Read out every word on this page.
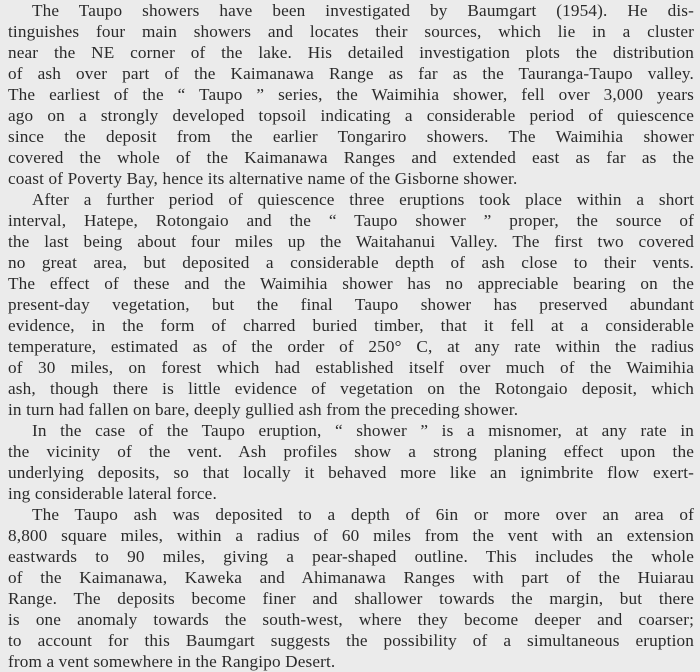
The Taupo showers have been investigated by Baumgart (1954). He dis-
tinguishes four main showers and locates their sources, which lie in a cluster
near the NE corner of the lake. His detailed investigation plots the distribution
of ash over part of the Kaimanawa Range as far as the Tauranga-Taupo valley.
The earliest of the “ Taupo ” series, the Waimihia shower, fell over 3,000 years
ago on a strongly developed topsoil indicating a considerable period of quiescence
since the deposit from the earlier Tongariro showers. The Waimihia shower
covered the whole of the Kaimanawa Ranges and extended east as far as the
coast of Poverty Bay, hence its alternative name of the Gisborne shower.
After a further period of quiescence three eruptions took place within a short
interval, Hatepe, Rotongaio and the “ Taupo shower ” proper, the source of
the last being about four miles up the Waitahanui Valley. The first two covered
no great area, but deposited a considerable depth of ash close to their vents.
The effect of these and the Waimihia shower has no appreciable bearing on the
present-day vegetation, but the final Taupo shower has preserved abundant
evidence, in the form of charred buried timber, that it fell at a considerable
temperature, estimated as of the order of 250° C, at any rate within the radius
of 30 miles, on forest which had established itself over much of the Waimihia
ash, though there is little evidence of vegetation on the Rotongaio deposit, which
in turn had fallen on bare, deeply gullied ash from the preceding shower.
In the case of the Taupo eruption, “ shower ” is a misnomer, at any rate in
the vicinity of the vent. Ash profiles show a strong planing effect upon the
underlying deposits, so that locally it behaved more like an ignimbrite flow exert-
ing considerable lateral force.
The Taupo ash was deposited to a depth of 6in or more over an area of
8,800 square miles, within a radius of 60 miles from the vent with an extension
eastwards to 90 miles, giving a pear-shaped outline. This includes the whole
of the Kaimanawa, Kaweka and Ahimanawa Ranges with part of the Huiarau
Range. The deposits become finer and shallower towards the margin, but there
is one anomaly towards the south-west, where they become deeper and coarser;
to account for this Baumgart suggests the possibility of a simultaneous eruption
from a vent somewhere in the Rangipo Desert.
